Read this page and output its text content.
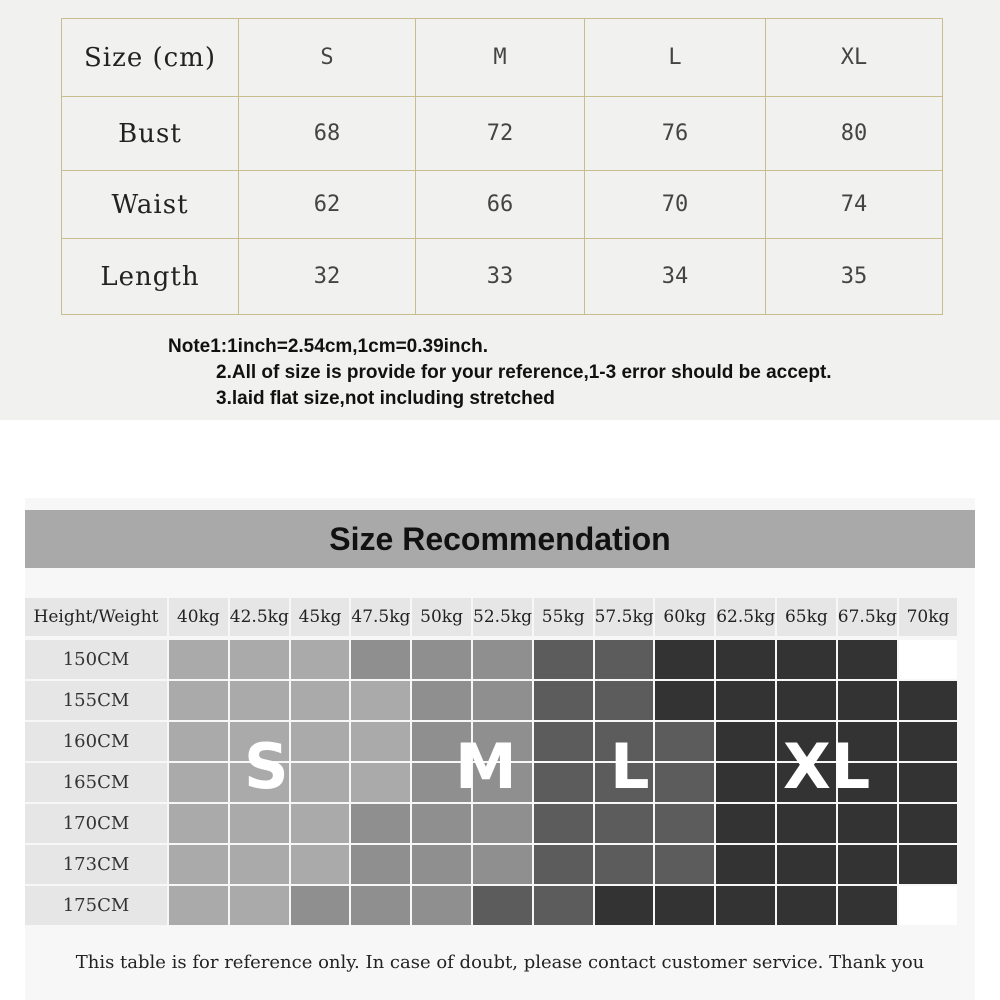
Size (cm)	S	M	L	XL
Bust	68	72	76	80
Waist	62	66	70	74
Length	32	33	34	35
Note1:1inch=2.54cm,1cm=0.39inch.
2.All of size is provide for your reference,1-3 error should be accept.
3.laid flat size,not including stretched
Size Recommendation
Height/Weight	40kg 42.5kg 45kg 47.5kg 50kg 52.5kg 55kg 57.5kg 60kg 62.5kg 65kg 67.5kg 70kg
150CM
155CM
160CM
165CM
170CM
173CM
175CM
S	M L XL
This table is for reference only. In case of doubt, please contact customer service. Thank you
